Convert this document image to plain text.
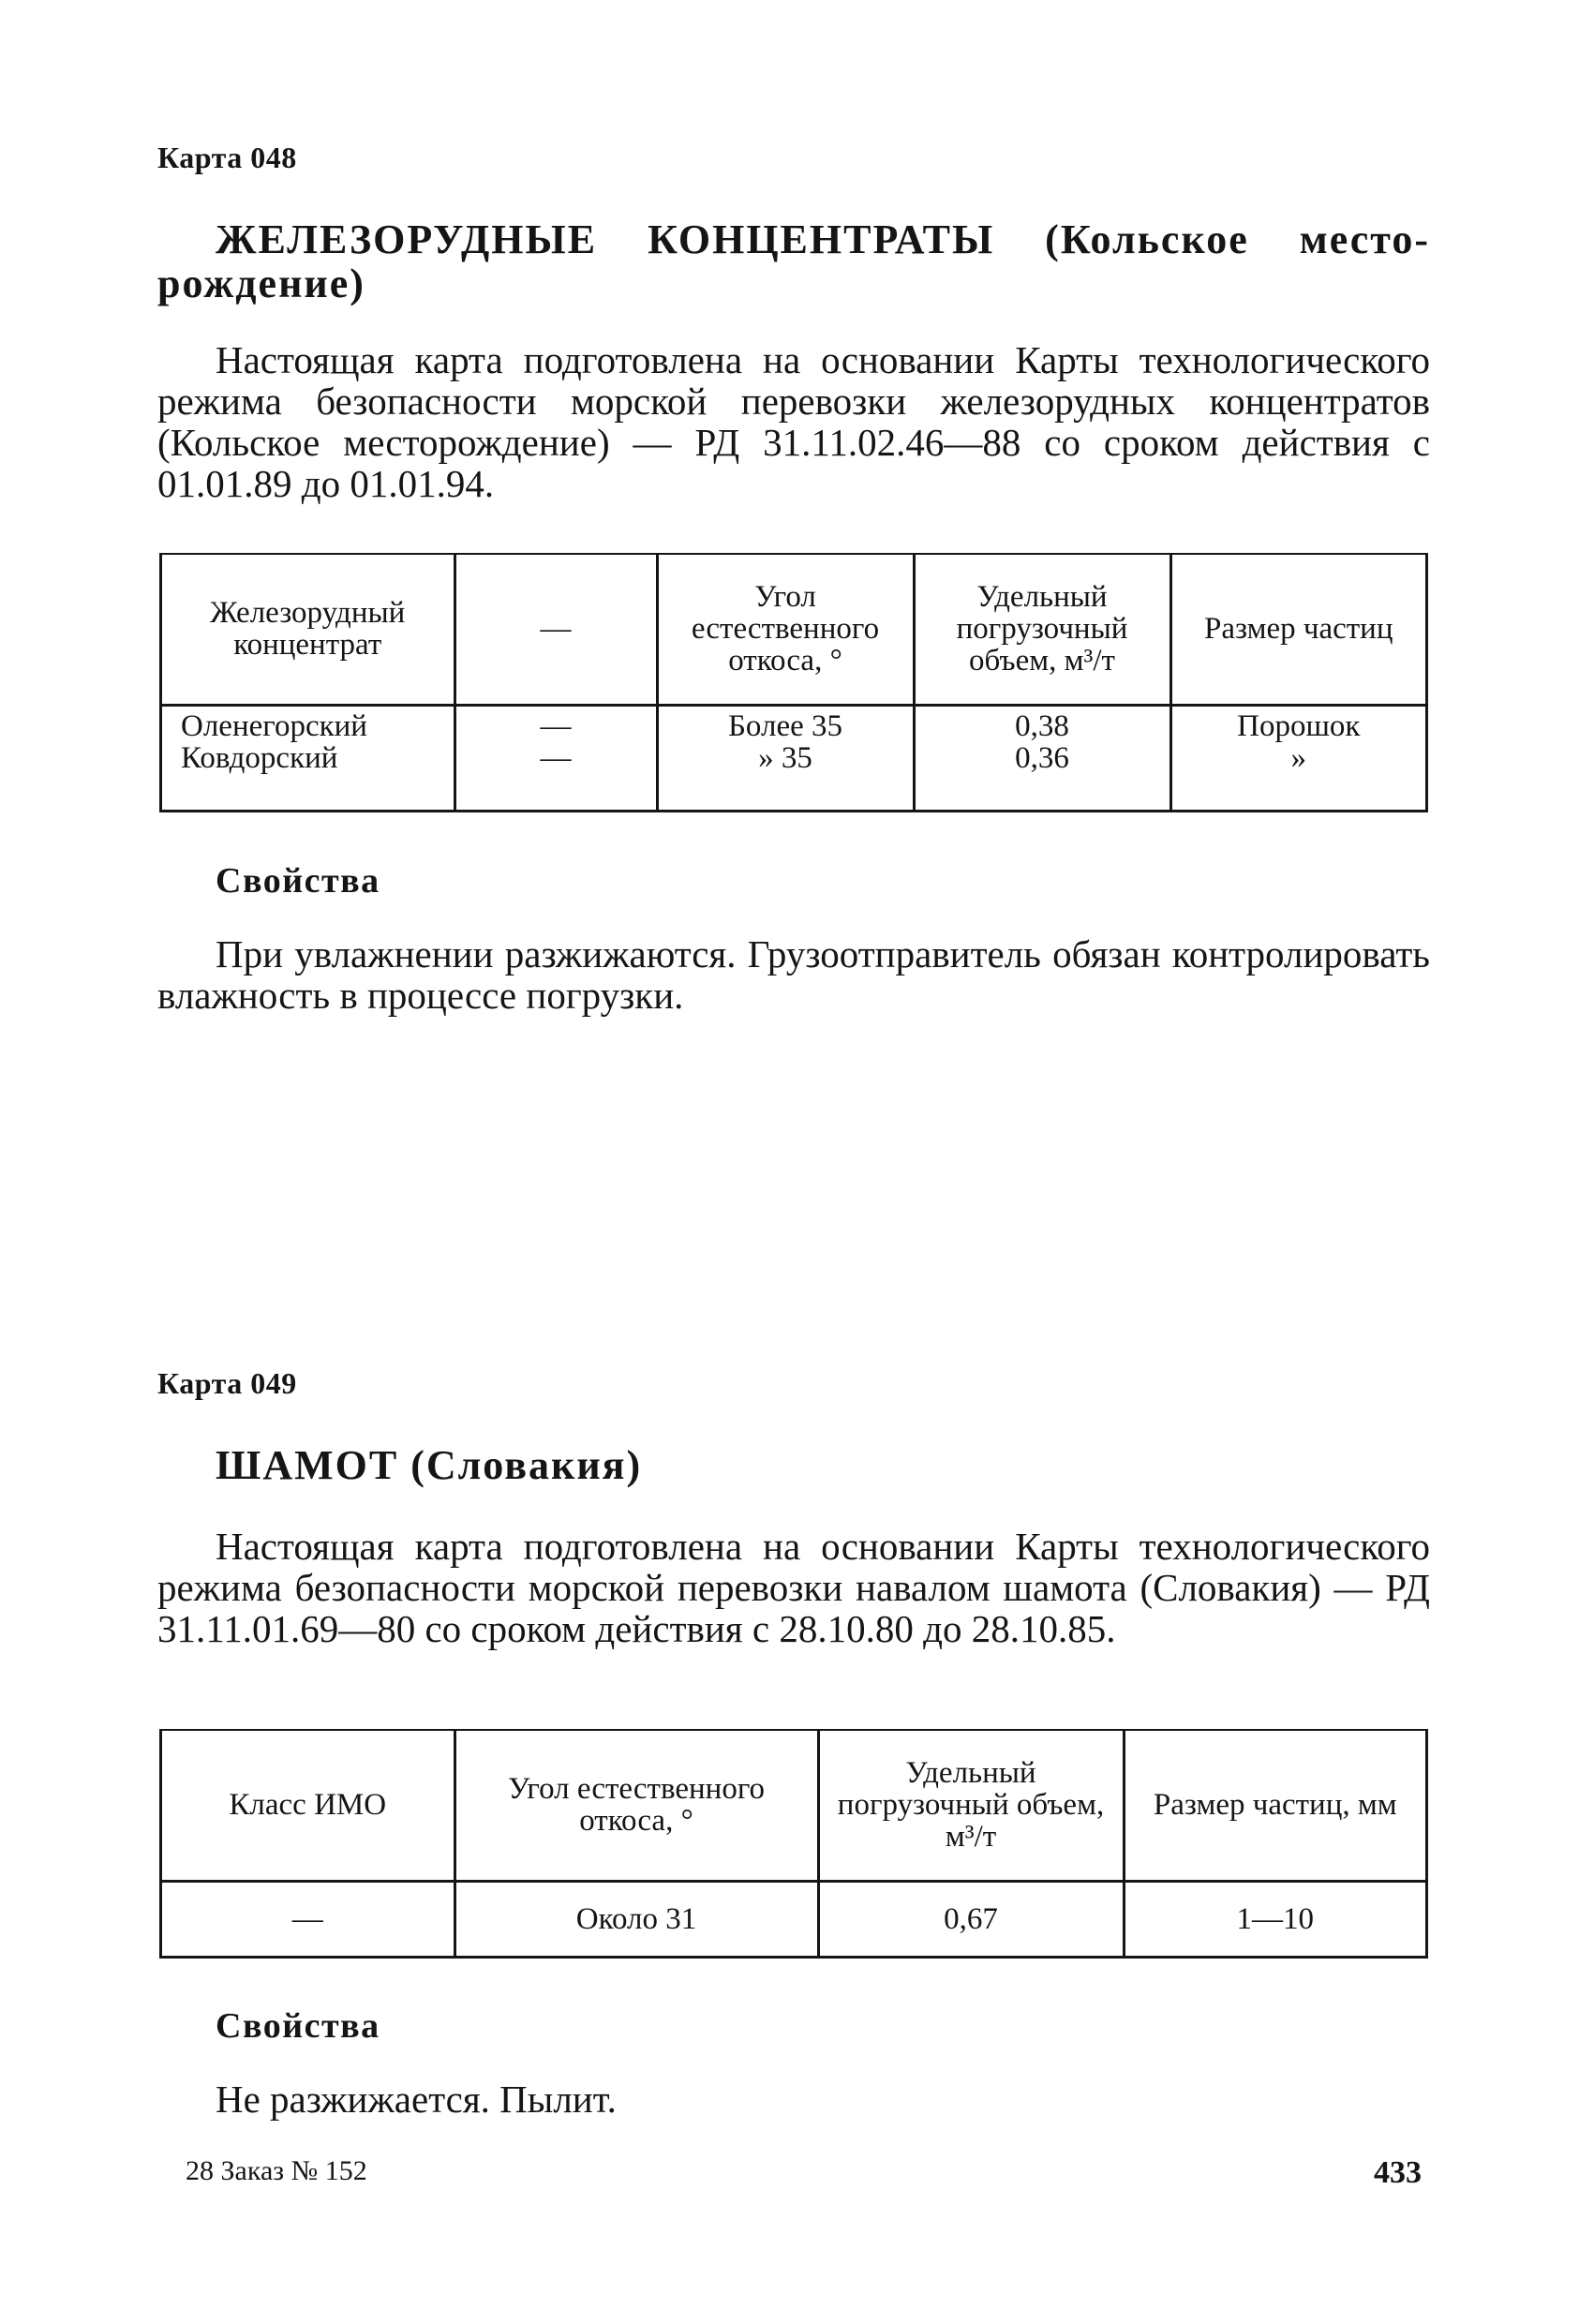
Карта 048
ЖЕЛЕЗОРУДНЫЕ КОНЦЕНТРАТЫ (Кольское место-
рождение)
Настоящая карта подготовлена на основании Карты технологического режима безопасности морской перевозки железорудных концентратов (Кольское месторождение) — РД 31.11.02.46—88 со сроком действия с 01.01.89 до 01.01.94.
Железорудный концентрат	—	Угол естественного откоса, °	Удельный погрузочный объем, м³/т	Размер частиц
Оленегорский	—	Более 35	0,38	Порошок
Ковдорский	—	» 35	0,36	»
Свойства
При увлажнении разжижаются. Грузоотправитель обязан контролировать влажность в процессе погрузки.
Карта 049
ШАМОТ (Словакия)
Настоящая карта подготовлена на основании Карты технологического режима безопасности морской перевозки навалом шамота (Словакия) — РД 31.11.01.69—80 со сроком действия с 28.10.80 до 28.10.85.
Класс ИМО	Угол естественного откоса, °	Удельный погрузочный объем, м³/т	Размер частиц, мм
—	Около 31	0,67	1—10
Свойства
Не разжижается. Пылит.
28 Заказ № 152	433
